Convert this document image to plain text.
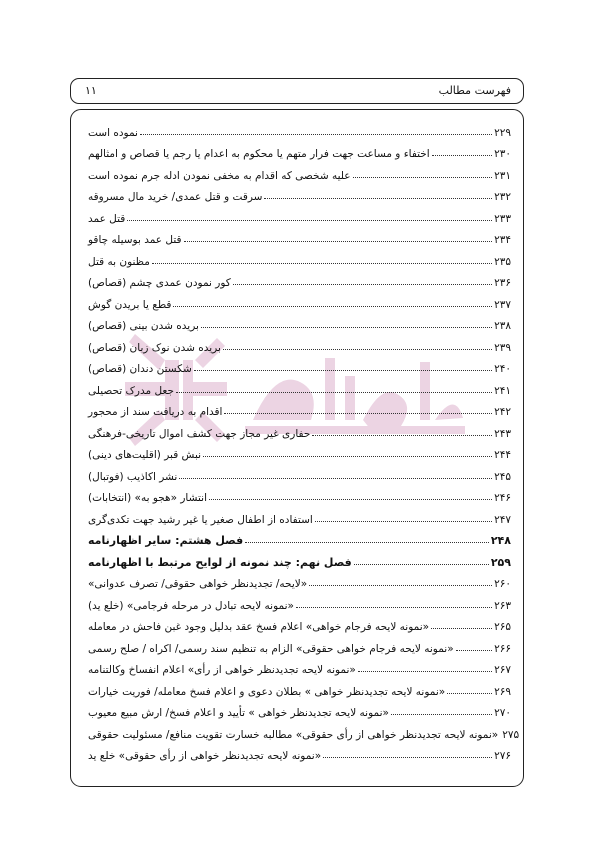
فهرست مطالب
۱۱
نموده است	۲۲۹
اختفاء و مساعت جهت فرار متهم یا محکوم به اعدام یا رجم یا قصاص و امثالهم	۲۳۰
علیه شخصی که اقدام به مخفی نمودن ادله جرم نموده است	۲۳۱
سرقت و قتل عمدی/ خرید مال مسروقه	۲۳۲
قتل عمد	۲۳۳
قتل عمد بوسیله چاقو	۲۳۴
مظنون به قتل	۲۳۵
کور نمودن عمدی چشم (قصاص)	۲۳۶
قطع یا بریدن گوش	۲۳۷
بریده شدن بینی (قصاص)	۲۳۸
بریده شدن نوک زبان (قصاص)	۲۳۹
شکستن دندان (قصاص)	۲۴۰
جعل مدرک تحصیلی	۲۴۱
اقدام به دریافت سند از محجور	۲۴۲
حفاری غیر مجاز جهت کشف اموال تاریخی-فرهنگی	۲۴۳
نبش قبر (اقلیت‌های دینی)	۲۴۴
نشر اکاذیب (فوتبال)	۲۴۵
انتشار «هجو به» (انتخابات)	۲۴۶
استفاده از اطفال صغیر یا غیر رشید جهت تکدی‌گری	۲۴۷
فصل هشتم: سایر اظهارنامه	۲۴۸
فصل نهم: چند نمونه از لوایح مرتبط با اظهارنامه	۲۵۹
«لایحه/ تجدیدنظر خواهی حقوقی/ تصرف عدوانی»	۲۶۰
«نمونه لایحه تبادل در مرحله فرجامی» (خلع ید)	۲۶۳
«نمونه لایحه فرجام خواهی» اعلام فسخ عقد بدلیل وجود غبن فاحش در معامله	۲۶۵
«نمونه لایحه فرجام خواهی حقوقی» الزام به تنظیم سند رسمی/ اکراه / صلح رسمی	۲۶۶
«نمونه لایحه تجدیدنظر خواهی از رأی» اعلام انفساخ وکالتنامه	۲۶۷
«نمونه لایحه تجدیدنظر خواهی » بطلان دعوی و اعلام فسخ معامله/ فوریت خیارات	۲۶۹
«نمونه لایحه تجدیدنظر خواهی » تأیید و اعلام فسخ/ ارش مبیع معیوب	۲۷۰
«نمونه لایحه تجدیدنظر خواهی از رأی حقوقی» مطالبه خسارت تقویت منافع/ مسئولیت حقوقی ۲۷۵
«نمونه لایحه تجدیدنظر خواهی از رأی حقوقی» خلع ید	۲۷۶
